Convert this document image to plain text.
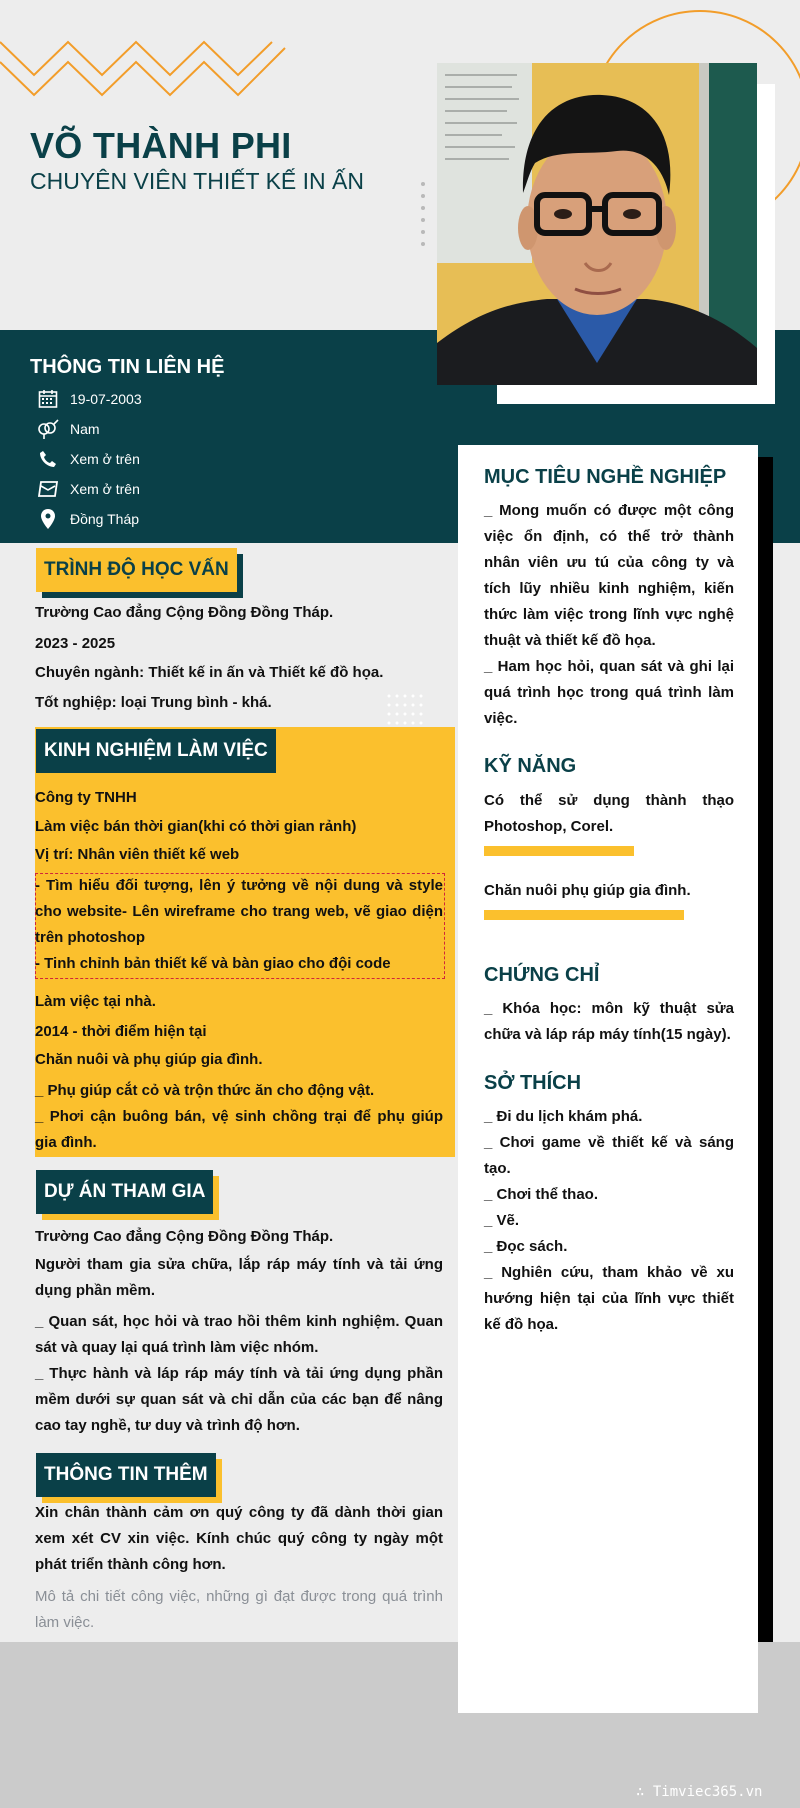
VÕ THÀNH PHI
CHUYÊN VIÊN THIẾT KẾ IN ẤN
THÔNG TIN LIÊN HỆ
19-07-2003
Nam
Xem ở trên
Xem ở trên
Đồng Tháp
MỤC TIÊU NGHỀ NGHIỆP
_ Mong muốn có được một công việc ổn định, có thể trở thành nhân viên ưu tú của công ty và tích lũy nhiều kinh nghiệm, kiến thức làm việc trong lĩnh vực nghệ thuật và thiết kế đồ họa.
_ Ham học hỏi, quan sát và ghi lại quá trình học trong quá trình làm việc.
KỸ NĂNG
Có thể sử dụng thành thạo Photoshop, Corel.
Chăn nuôi phụ giúp gia đình.
CHỨNG CHỈ
_ Khóa học: môn kỹ thuật sửa chữa và láp ráp máy tính(15 ngày).
SỞ THÍCH
_ Đi du lịch khám phá.
_ Chơi game về thiết kế và sáng tạo.
_ Chơi thể thao.
_ Vẽ.
_ Đọc sách.
_ Nghiên cứu, tham khảo về xu hướng hiện tại của lĩnh vực thiết kế đồ họa.
TRÌNH ĐỘ HỌC VẤN
Trường Cao đẳng Cộng Đồng Đồng Tháp.
2023 - 2025
Chuyên ngành: Thiết kế in ấn và Thiết kế đồ họa.
Tốt nghiệp: loại Trung bình - khá.
KINH NGHIỆM LÀM VIỆC
Công ty TNHH
Làm việc bán thời gian(khi có thời gian rảnh)
Vị trí: Nhân viên thiết kế web
- Tìm hiểu đối tượng, lên ý tưởng về nội dung và style cho website- Lên wireframe cho trang web, vẽ giao diện trên photoshop
- Tinh chỉnh bản thiết kế và bàn giao cho đội code
Làm việc tại nhà.
2014 - thời điểm hiện tại
Chăn nuôi và phụ giúp gia đình.
_ Phụ giúp cắt cỏ và trộn thức ăn cho động vật.
_ Phơi cận buông bán, vệ sinh chồng trại để phụ giúp gia đình.
DỰ ÁN THAM GIA
Trường Cao đẳng Cộng Đồng Đồng Tháp.
Người tham gia sửa chữa, lắp ráp máy tính và tải ứng dụng phần mềm.
_ Quan sát, học hỏi và trao hồi thêm kinh nghiệm. Quan sát và quay lại quá trình làm việc nhóm.
_ Thực hành và láp ráp máy tính và tải ứng dụng phần mềm dưới sự quan sát và chỉ dẫn của các bạn để nâng cao tay nghề, tư duy và trình độ hơn.
THÔNG TIN THÊM
Xin chân thành cảm ơn quý công ty đã dành thời gian xem xét CV xin việc. Kính chúc quý công ty ngày một phát triển thành công hơn.
Mô tả chi tiết công việc, những gì đạt được trong quá trình làm việc.
∴ Timviec365.vn
